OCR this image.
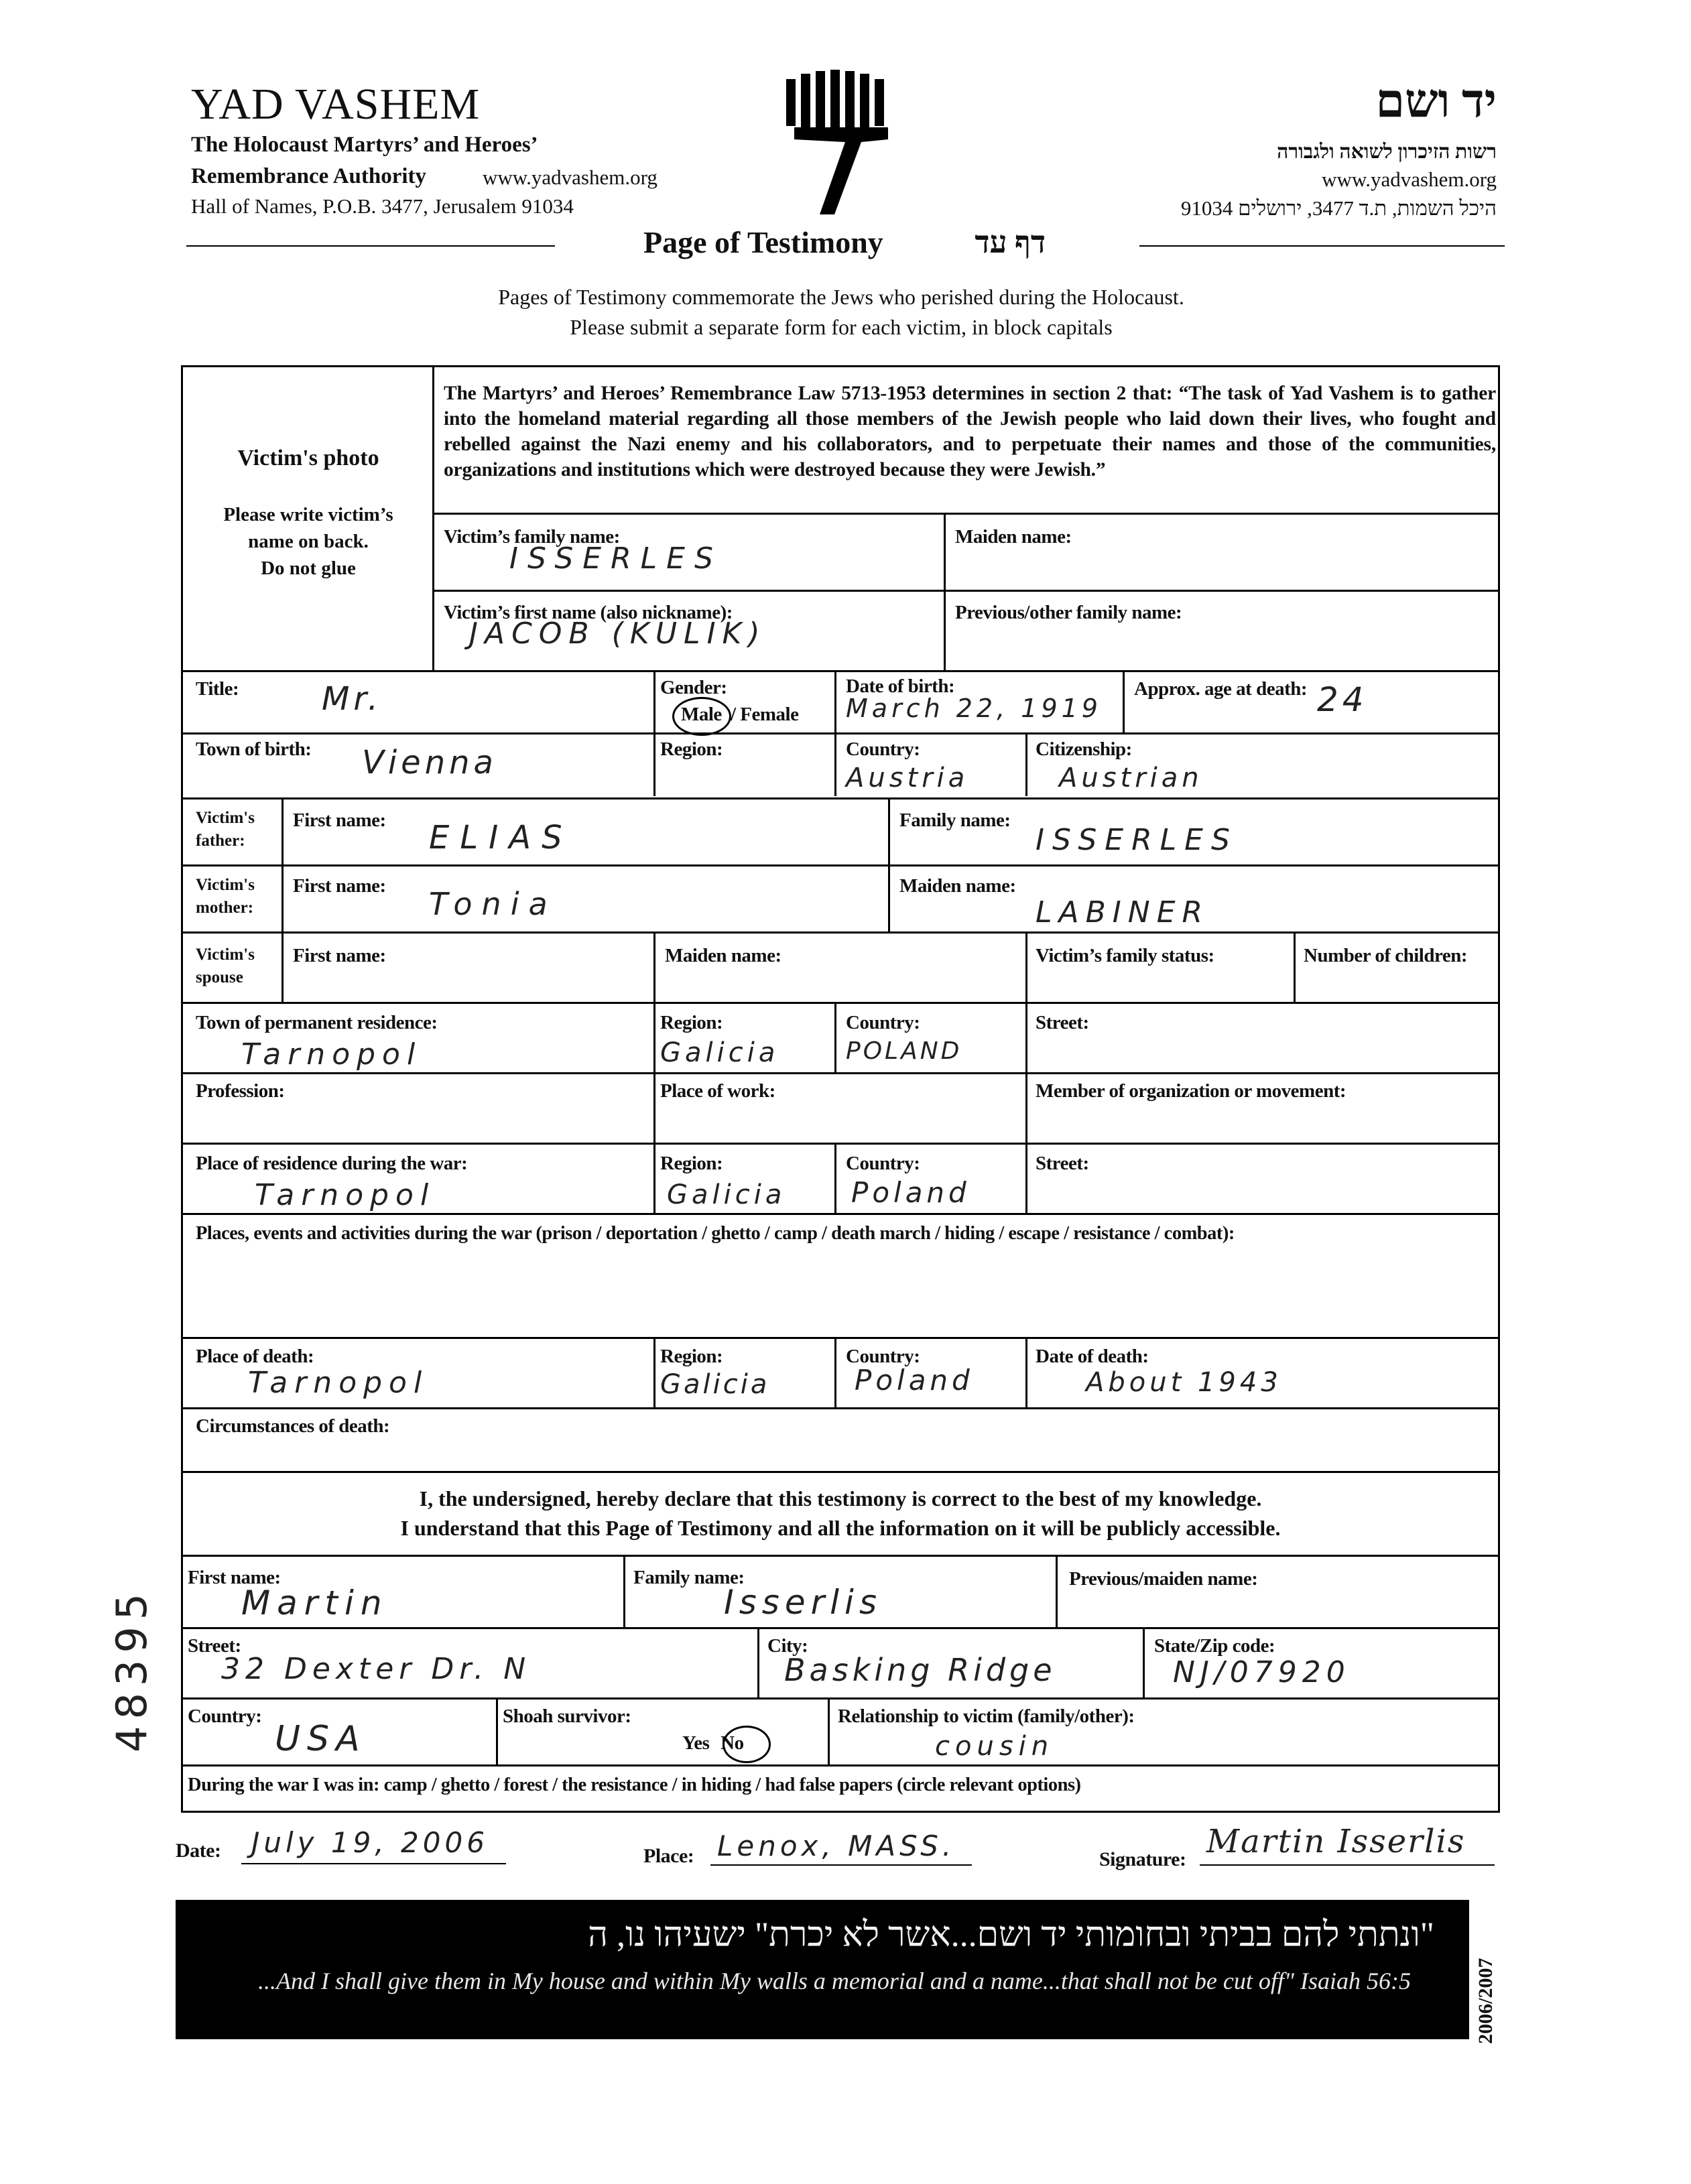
YAD VASHEM
The Holocaust Martyrs’ and Heroes’
Remembrance Authority	www.yadvashem.org
Hall of Names, P.O.B. 3477, Jerusalem 91034
יד ושם
רשות הזיכרון לשואה ולגבורה
www.yadvashem.org
היכל השמות, ת.ד 3477, ירושלים 91034
Page of Testimony	דף עד
Pages of Testimony commemorate the Jews who perished during the Holocaust.
Please submit a separate form for each victim, in block capitals
Victim's photo
Please write victim’s
name on back.
Do not glue
The Martyrs’ and Heroes’ Remembrance Law 5713-1953 determines in section 2 that: “The task of Yad Vashem is to gather into the homeland material regarding all those members of the Jewish people who laid down their lives, who fought and rebelled against the Nazi enemy and his collaborators, and to perpetuate their names and those of the communities, organizations and institutions which were destroyed because they were Jewish.”
Victim’s family name:
ISSERLES
Maiden name:
Victim’s first name (also nickname):
JACOB (KULIK)
Previous/other family name:
Title:	Mr.	Gender:
Male / Female
Date of birth:
March 22, 1919
Approx. age at death: 24
Town of birth: Vienna	Region:	Country:
Austria
Citizenship:
Austrian
Victim's
father:
First name: ELIAS	Family name:
ISSERLES
Victim's
mother:
First name: Tonia	Maiden name:
LABINER
Victim's
spouse
First name:	Maiden name:	Victim’s family status:	Number of children:
Town of permanent residence:
Tarnopol
Region:
Galicia
Country:
POLAND
Street:
Profession:	Place of work:	Member of organization or movement:
Place of residence during the war:
Tarnopol
Region:
Galicia
Country:
Poland
Street:
Places, events and activities during the war (prison / deportation / ghetto / camp / death march / hiding / escape / resistance / combat):
Place of death:
Tarnopol
Region:
Galicia
Country:
Poland
Date of death:
About 1943
Circumstances of death:
I, the undersigned, hereby declare that this testimony is correct to the best of my knowledge.
I understand that this Page of Testimony and all the information on it will be publicly accessible.
First name:
Martin
Family name:
Isserlis
Previous/maiden name:
Street:
32 Dexter Dr. N
City:
Basking Ridge
State/Zip code:
NJ/07920
Country:
USA
Shoah survivor:
Yes No
Relationship to victim (family/other):
cousin
During the war I was in: camp / ghetto / forest / the resistance / in hiding / had false papers (circle relevant options)
Date: July 19, 2006	Place: Lenox, MASS.	Signature: Martin Isserlis
"ונתתי להם בביתי ובחומותי יד ושם...אשר לא יכרת" ישעיהו נו, ה
...And I shall give them in My house and within My walls a memorial and a name...that shall not be cut off" Isaiah 56:5	2006/2007
48395
